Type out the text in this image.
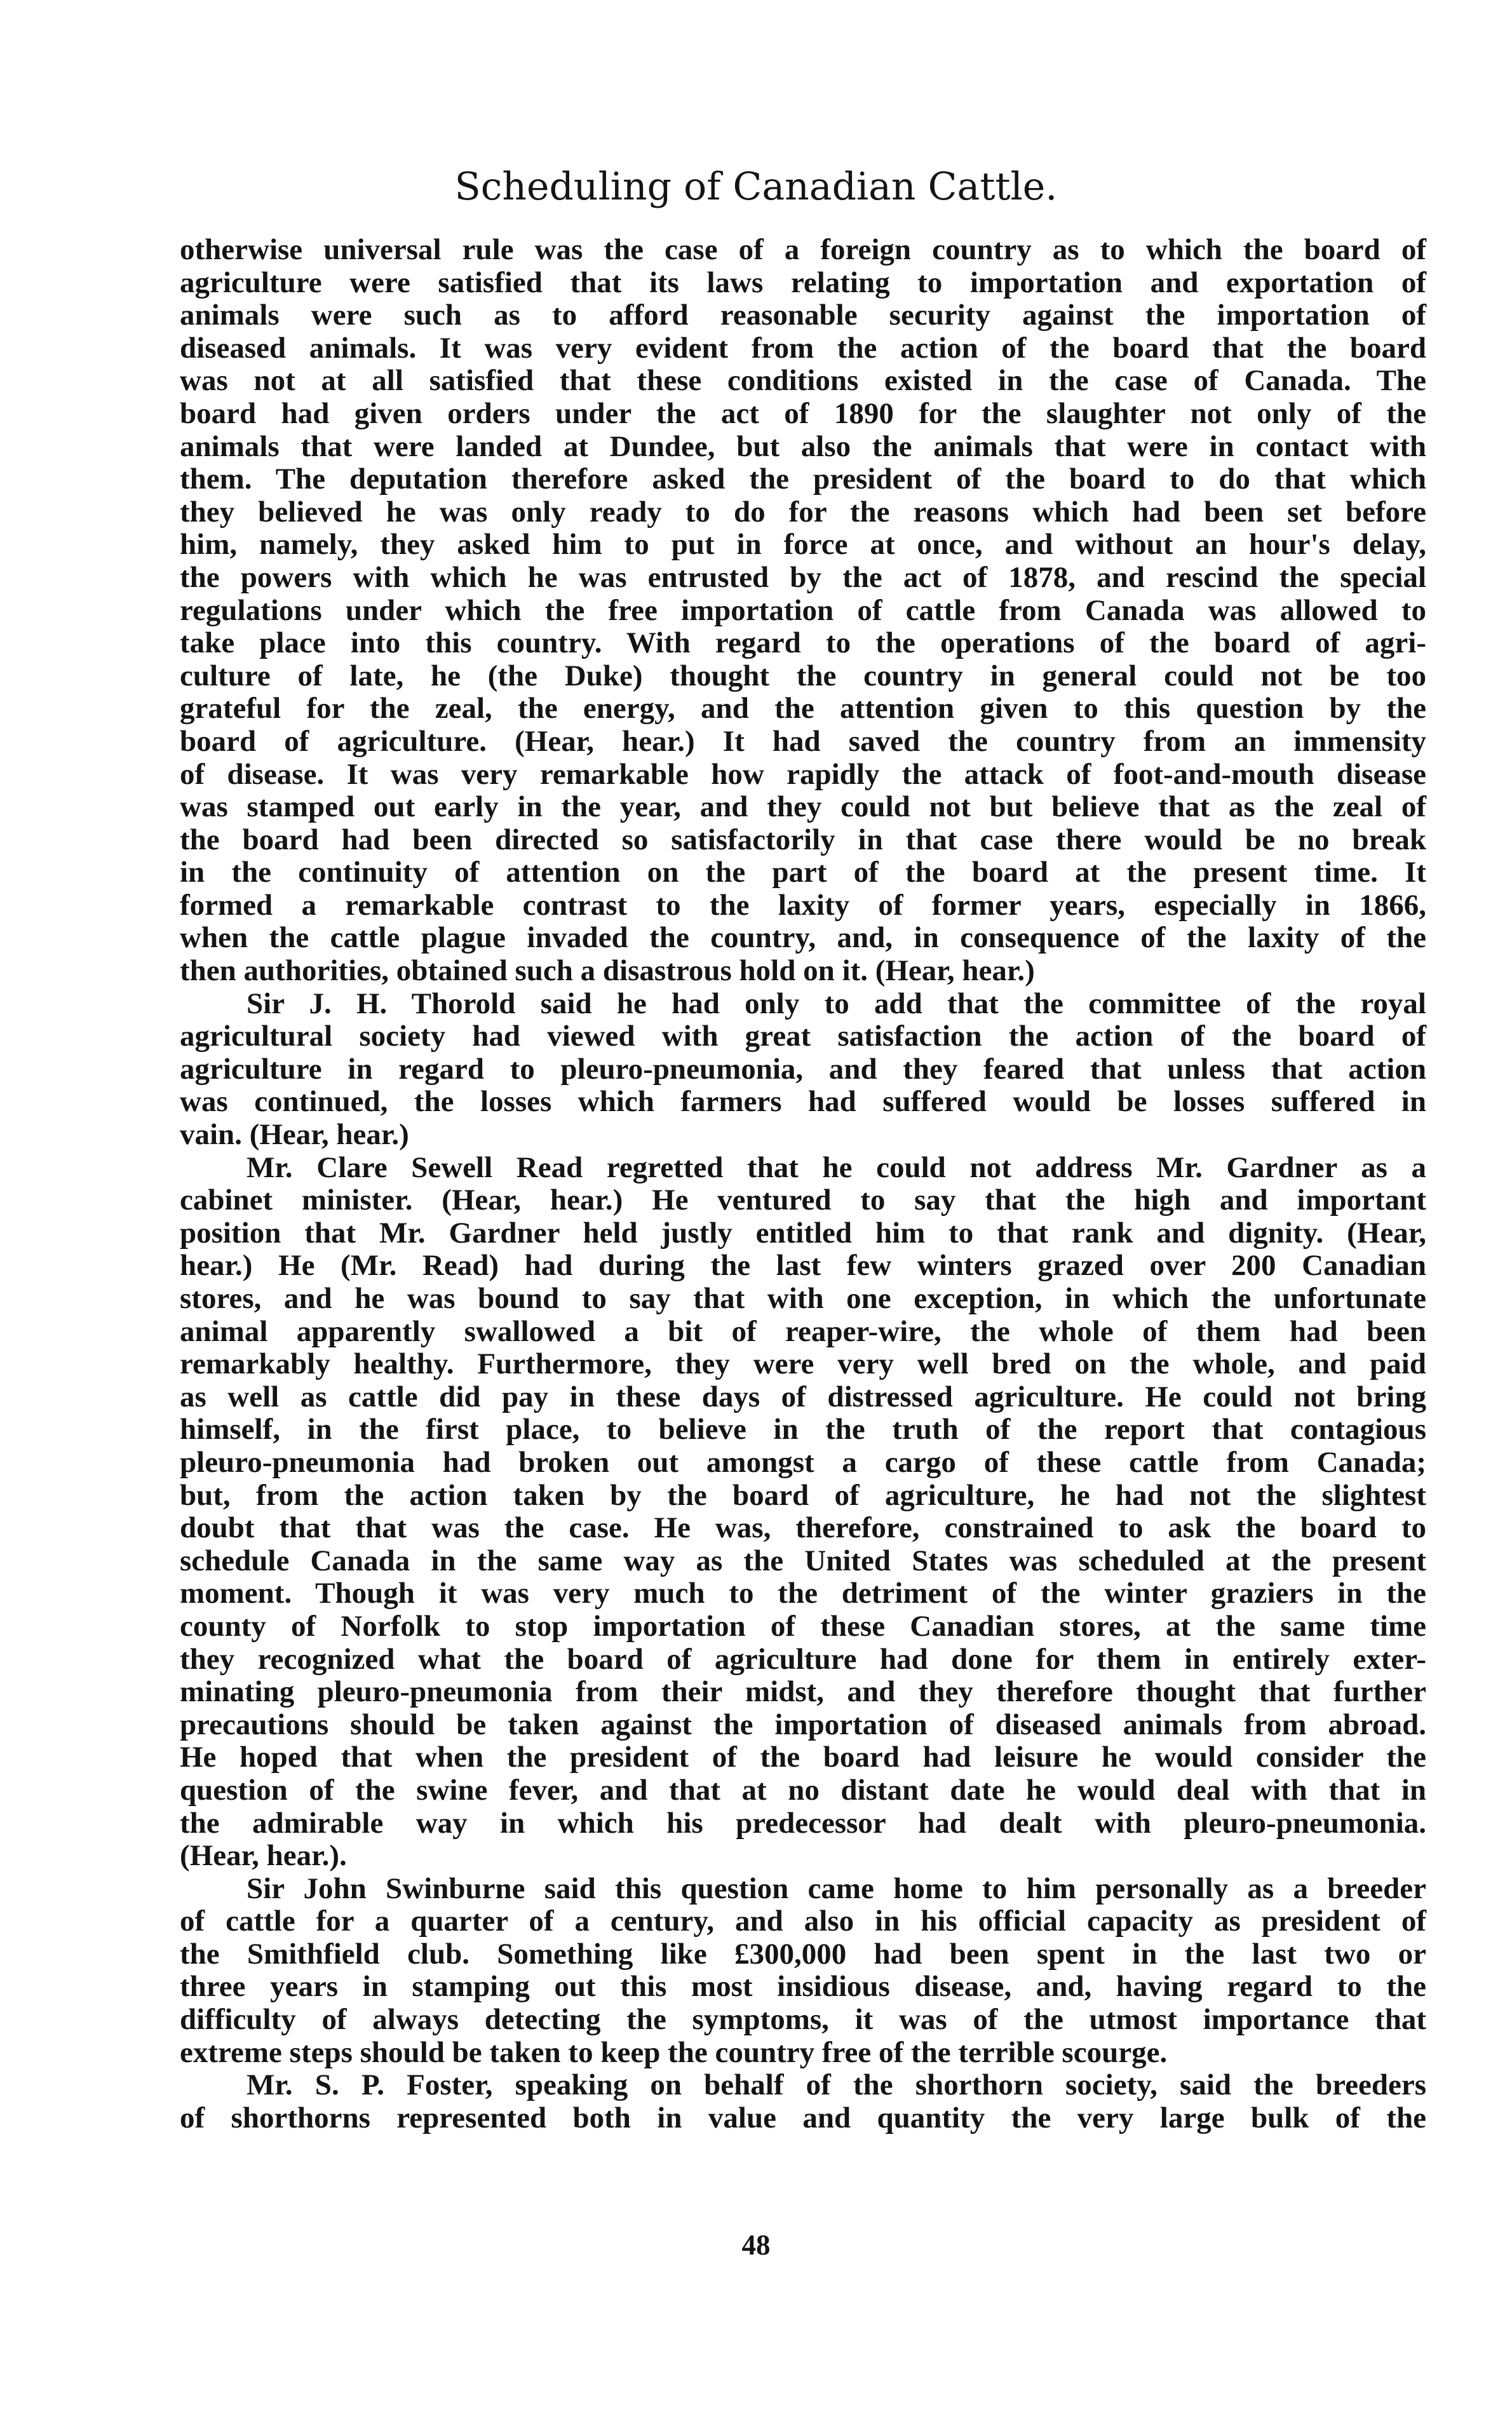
Scheduling of Canadian Cattle.
otherwise universal rule was the case of a foreign country as to which the board of
agriculture were satisfied that its laws relating to importation and exportation of
animals were such as to afford reasonable security against the importation of
diseased animals. It was very evident from the action of the board that the board
was not at all satisfied that these conditions existed in the case of Canada. The
board had given orders under the act of 1890 for the slaughter not only of the
animals that were landed at Dundee, but also the animals that were in contact with
them. The deputation therefore asked the president of the board to do that which
they believed he was only ready to do for the reasons which had been set before
him, namely, they asked him to put in force at once, and without an hour's delay,
the powers with which he was entrusted by the act of 1878, and rescind the special
regulations under which the free importation of cattle from Canada was allowed to
take place into this country. With regard to the operations of the board of agri-
culture of late, he (the Duke) thought the country in general could not be too
grateful for the zeal, the energy, and the attention given to this question by the
board of agriculture. (Hear, hear.) It had saved the country from an immensity
of disease. It was very remarkable how rapidly the attack of foot-and-mouth disease
was stamped out early in the year, and they could not but believe that as the zeal of
the board had been directed so satisfactorily in that case there would be no break
in the continuity of attention on the part of the board at the present time. It
formed a remarkable contrast to the laxity of former years, especially in 1866,
when the cattle plague invaded the country, and, in consequence of the laxity of the
then authorities, obtained such a disastrous hold on it. (Hear, hear.)
Sir J. H. Thorold said he had only to add that the committee of the royal
agricultural society had viewed with great satisfaction the action of the board of
agriculture in regard to pleuro-pneumonia, and they feared that unless that action
was continued, the losses which farmers had suffered would be losses suffered in
vain. (Hear, hear.)
Mr. Clare Sewell Read regretted that he could not address Mr. Gardner as a
cabinet minister. (Hear, hear.) He ventured to say that the high and important
position that Mr. Gardner held justly entitled him to that rank and dignity. (Hear,
hear.) He (Mr. Read) had during the last few winters grazed over 200 Canadian
stores, and he was bound to say that with one exception, in which the unfortunate
animal apparently swallowed a bit of reaper-wire, the whole of them had been
remarkably healthy. Furthermore, they were very well bred on the whole, and paid
as well as cattle did pay in these days of distressed agriculture. He could not bring
himself, in the first place, to believe in the truth of the report that contagious
pleuro-pneumonia had broken out amongst a cargo of these cattle from Canada;
but, from the action taken by the board of agriculture, he had not the slightest
doubt that that was the case. He was, therefore, constrained to ask the board to
schedule Canada in the same way as the United States was scheduled at the present
moment. Though it was very much to the detriment of the winter graziers in the
county of Norfolk to stop importation of these Canadian stores, at the same time
they recognized what the board of agriculture had done for them in entirely exter-
minating pleuro-pneumonia from their midst, and they therefore thought that further
precautions should be taken against the importation of diseased animals from abroad.
He hoped that when the president of the board had leisure he would consider the
question of the swine fever, and that at no distant date he would deal with that in
the admirable way in which his predecessor had dealt with pleuro-pneumonia.
(Hear, hear.).
Sir John Swinburne said this question came home to him personally as a breeder
of cattle for a quarter of a century, and also in his official capacity as president of
the Smithfield club. Something like £300,000 had been spent in the last two or
three years in stamping out this most insidious disease, and, having regard to the
difficulty of always detecting the symptoms, it was of the utmost importance that
extreme steps should be taken to keep the country free of the terrible scourge.
Mr. S. P. Foster, speaking on behalf of the shorthorn society, said the breeders
of shorthorns represented both in value and quantity the very large bulk of the
48
